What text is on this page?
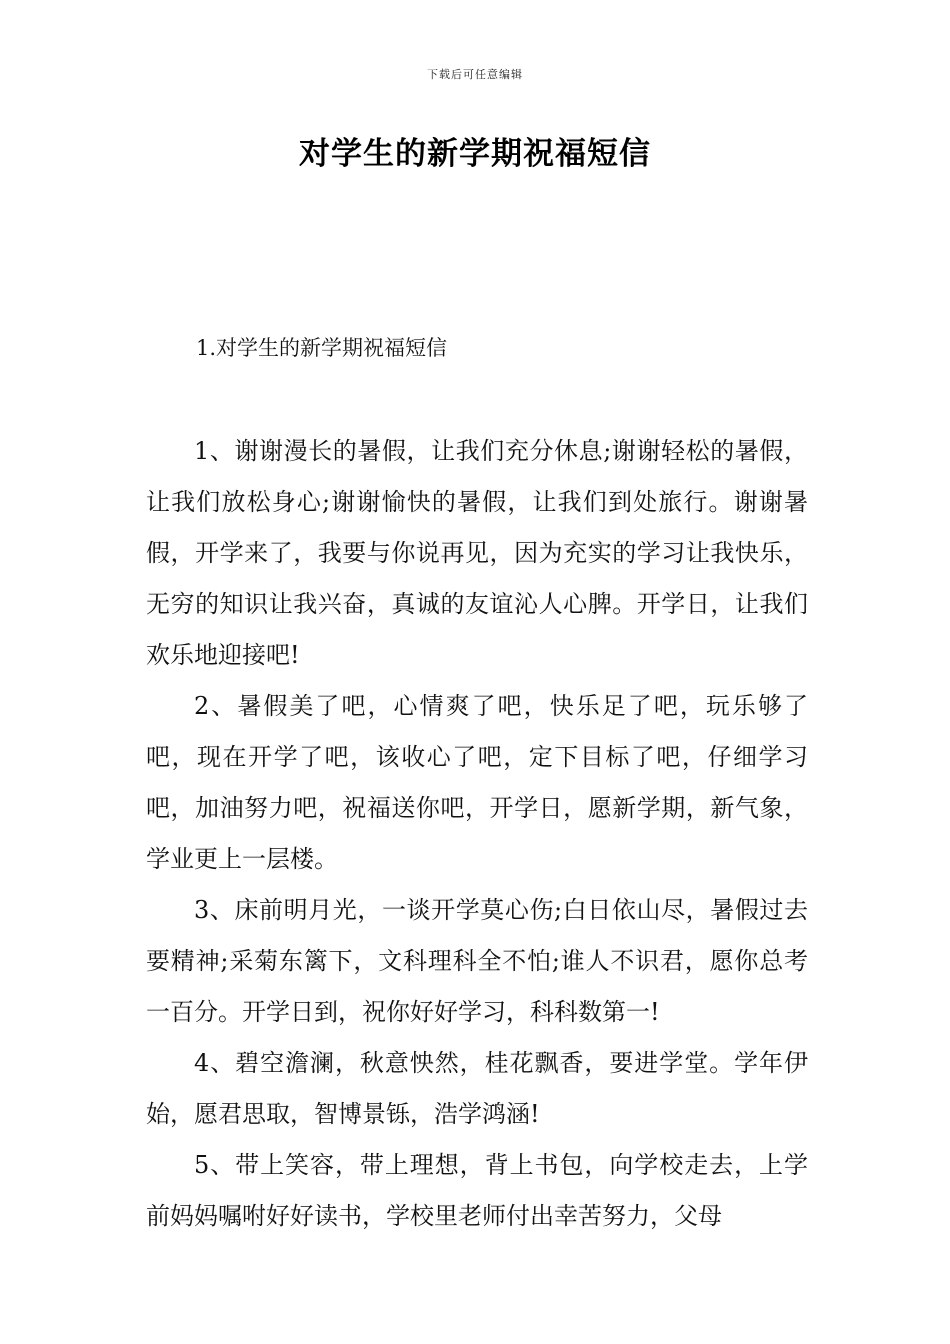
下载后可任意编辑
对学生的新学期祝福短信
1.对学生的新学期祝福短信

1、谢谢漫长的暑假，让我们充分休息;谢谢轻松的暑假，让我们放松身心;谢谢愉快的暑假，让我们到处旅行。谢谢暑假，开学来了，我要与你说再见，因为充实的学习让我快乐，无穷的知识让我兴奋，真诚的友谊沁人心脾。开学日，让我们欢乐地迎接吧!

2、暑假美了吧，心情爽了吧，快乐足了吧，玩乐够了吧，现在开学了吧，该收心了吧，定下目标了吧，仔细学习吧，加油努力吧，祝福送你吧，开学日，愿新学期，新气象，学业更上一层楼。

3、床前明月光，一谈开学莫心伤;白日依山尽，暑假过去要精神;采菊东篱下，文科理科全不怕;谁人不识君，愿你总考一百分。开学日到，祝你好好学习，科科数第一!

4、碧空澹澜，秋意怏然，桂花飘香，要进学堂。学年伊始，愿君思取，智博景铄，浩学鸿涵!

5、带上笑容，带上理想，背上书包，向学校走去，上学前妈妈嘱咐好好读书，学校里老师付出幸苦努力，父母
